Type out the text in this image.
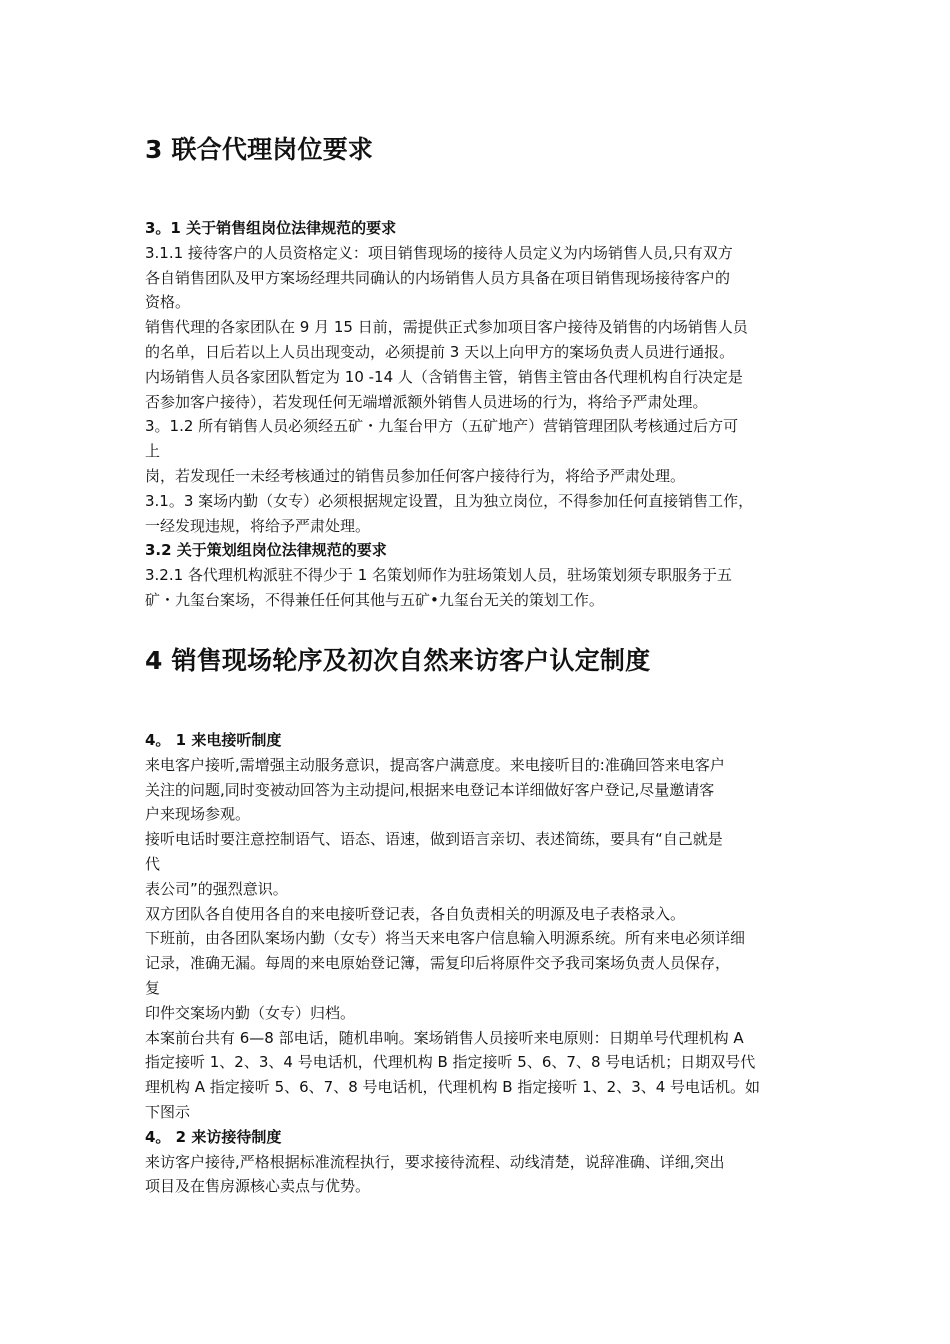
3 联合代理岗位要求
3。1 关于销售组岗位法律规范的要求
3.1.1 接待客户的人员资格定义：项目销售现场的接待人员定义为内场销售人员,只有双方
各自销售团队及甲方案场经理共同确认的内场销售人员方具备在项目销售现场接待客户的
资格。
销售代理的各家团队在 9 月 15 日前，需提供正式参加项目客户接待及销售的内场销售人员
的名单，日后若以上人员出现变动，必须提前 3 天以上向甲方的案场负责人员进行通报。
内场销售人员各家团队暂定为 10 -14 人（含销售主管，销售主管由各代理机构自行决定是
否参加客户接待），若发现任何无端增派额外销售人员进场的行为，将给予严肃处理。
3。1.2 所有销售人员必须经五矿・九玺台甲方（五矿地产）营销管理团队考核通过后方可
上
岗，若发现任一未经考核通过的销售员参加任何客户接待行为，将给予严肃处理。
3.1。3 案场内勤（女专）必须根据规定设置，且为独立岗位，不得参加任何直接销售工作，
一经发现违规，将给予严肃处理。
3.2 关于策划组岗位法律规范的要求
3.2.1 各代理机构派驻不得少于 1 名策划师作为驻场策划人员，驻场策划须专职服务于五
矿・九玺台案场，不得兼任任何其他与五矿•九玺台无关的策划工作。
4 销售现场轮序及初次自然来访客户认定制度
4。 1 来电接听制度
来电客户接听,需增强主动服务意识，提高客户满意度。来电接听目的:准确回答来电客户
关注的问题,同时变被动回答为主动提问,根据来电登记本详细做好客户登记,尽量邀请客
户来现场参观。
接听电话时要注意控制语气、语态、语速，做到语言亲切、表述简练，要具有“自己就是
代
表公司”的强烈意识。
双方团队各自使用各自的来电接听登记表，各自负责相关的明源及电子表格录入。
下班前，由各团队案场内勤（女专）将当天来电客户信息输入明源系统。所有来电必须详细
记录，准确无漏。每周的来电原始登记簿，需复印后将原件交予我司案场负责人员保存，
复
印件交案场内勤（女专）归档。
本案前台共有 6—8 部电话，随机串响。案场销售人员接听来电原则：日期单号代理机构 A
指定接听 1、2、3、4 号电话机，代理机构 B 指定接听 5、6、7、8 号电话机；日期双号代
理机构 A 指定接听 5、6、7、8 号电话机，代理机构 B 指定接听 1、2、3、4 号电话机。如
下图示
4。 2 来访接待制度
来访客户接待,严格根据标准流程执行，要求接待流程、动线清楚，说辞准确、详细,突出
项目及在售房源核心卖点与优势。
